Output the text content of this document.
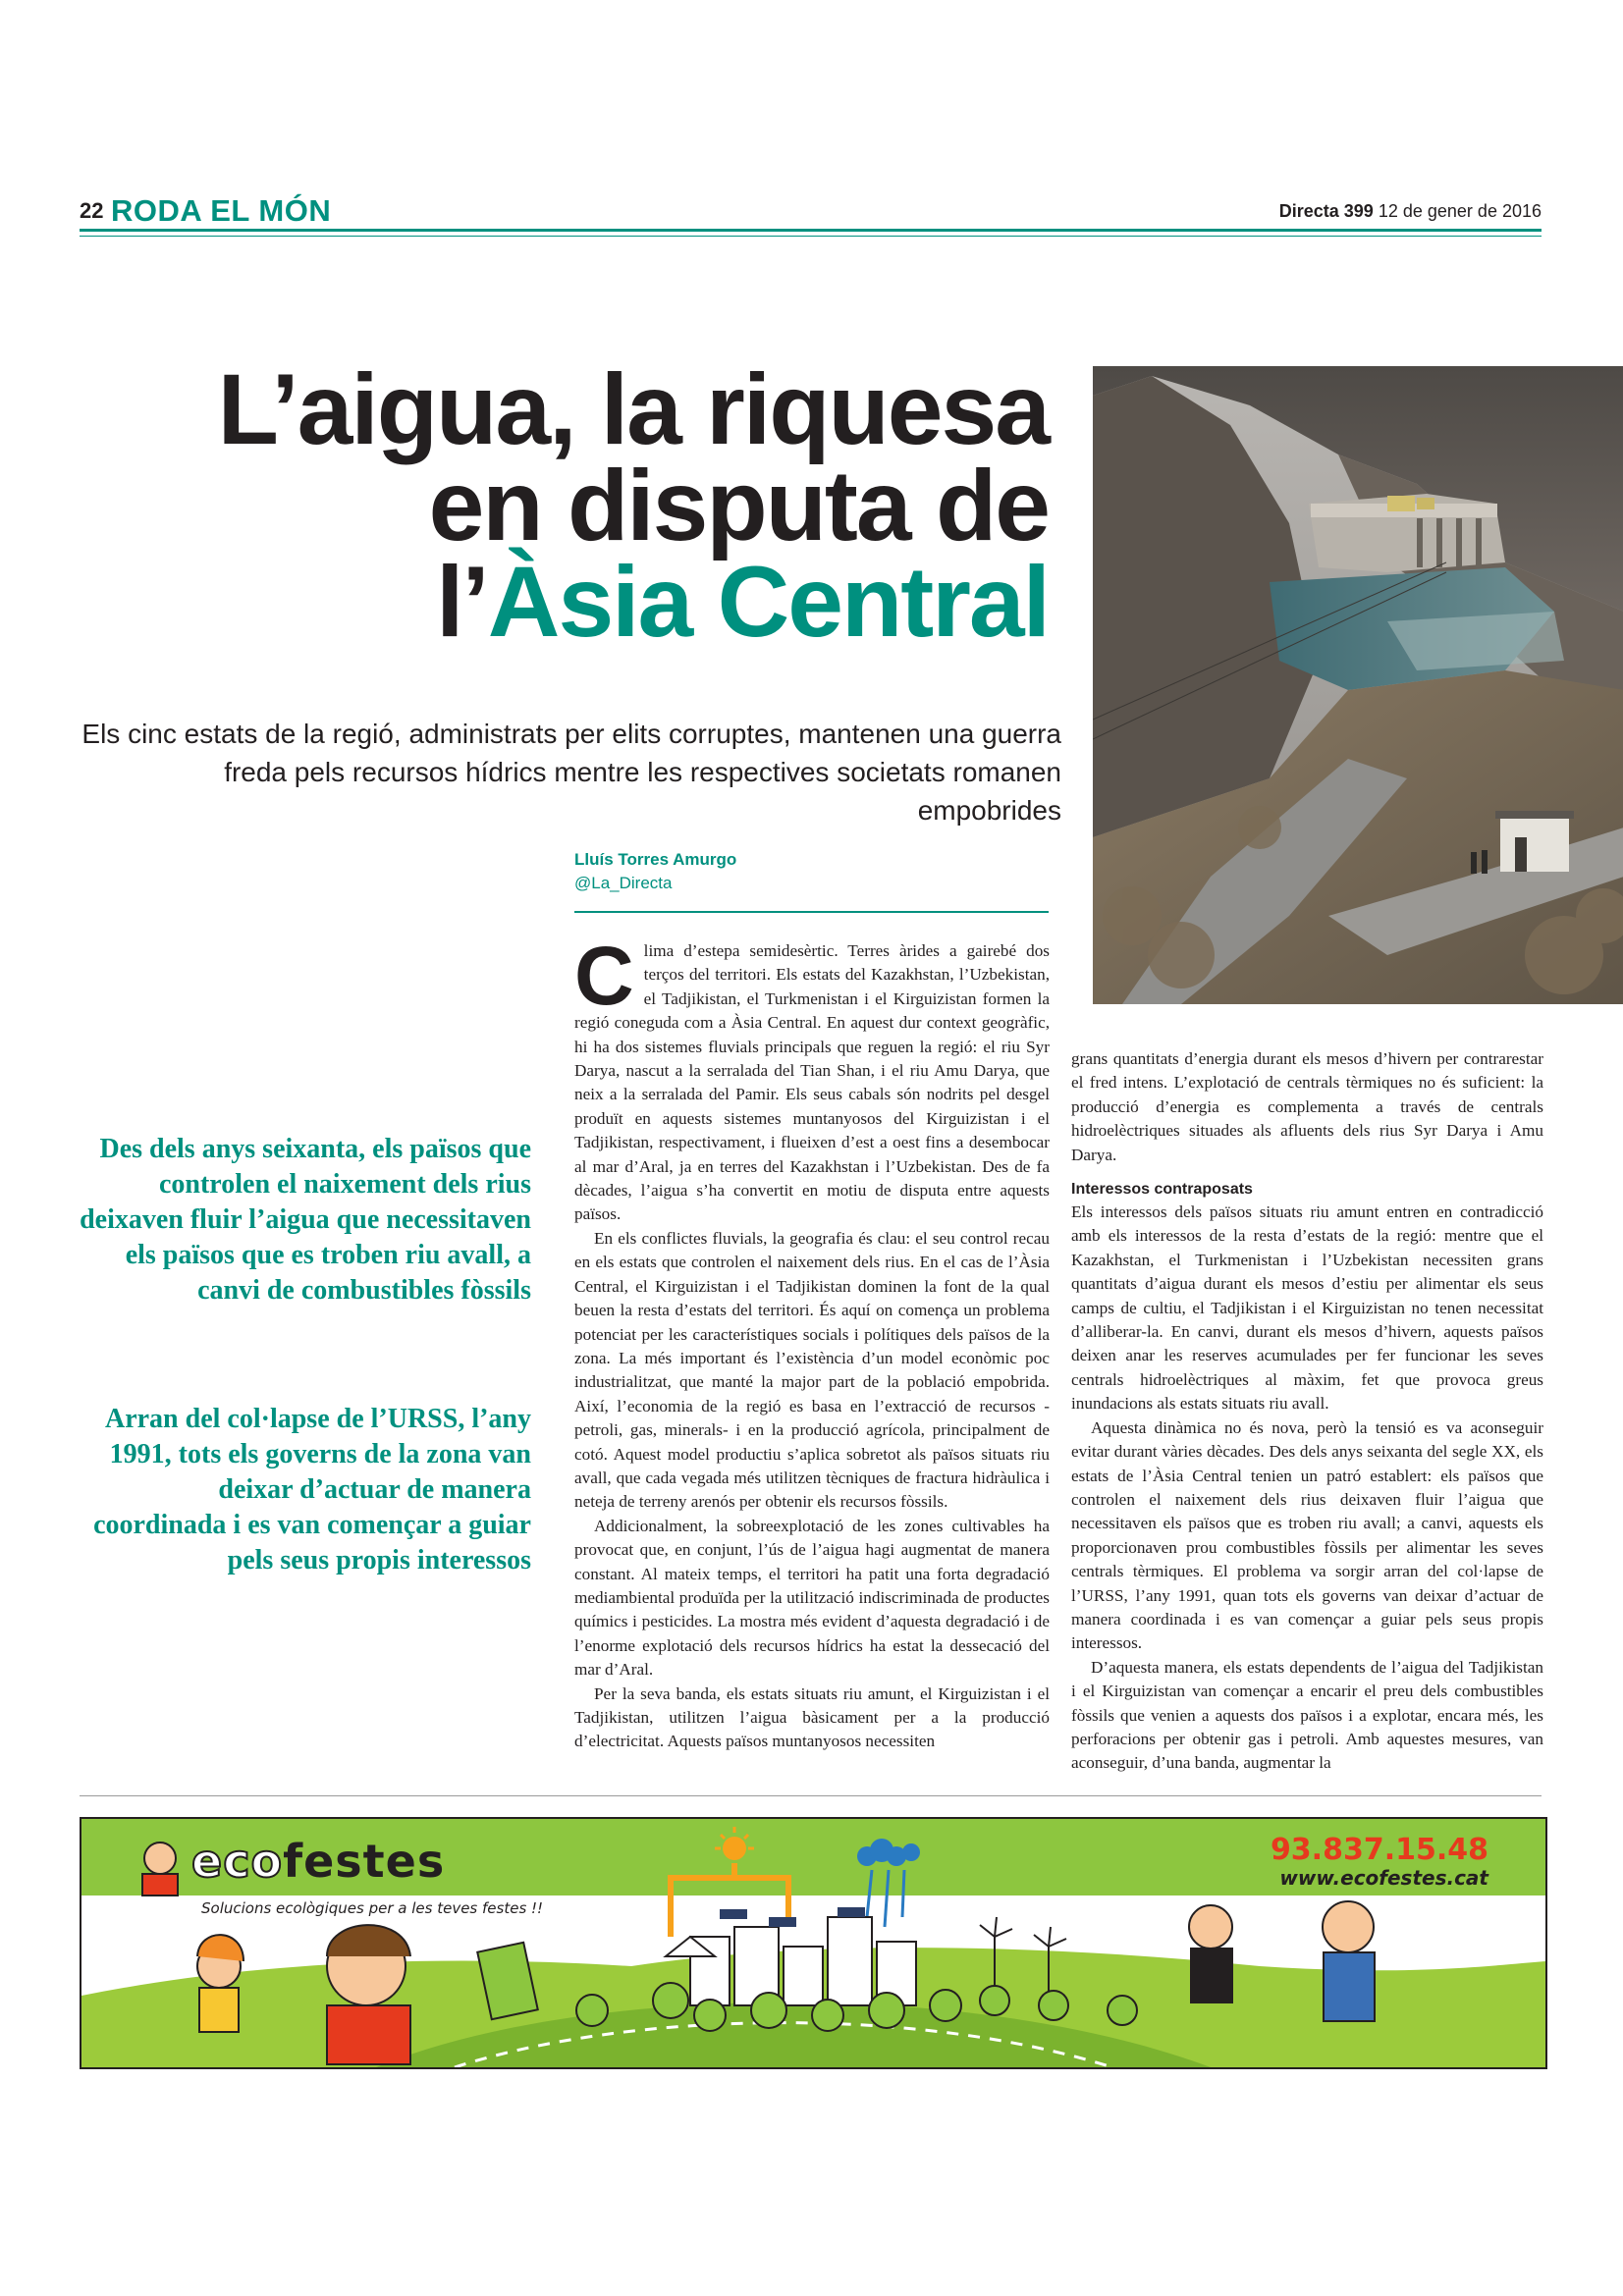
22 RODA EL MÓN	Directa 399 12 de gener de 2016
L’aigua, la riquesa
en disputa de
l’Àsia Central
Els cinc estats de la regió, administrats per elits corruptes, mantenen una guerra freda pels recursos hídrics mentre les respectives societats romanen empobrides
Lluís Torres Amurgo
@La_Directa

Clima d’estepa semidesèrtic. Terres àrides a gairebé dos terços del territori. Els estats del Kazakhstan, l’Uzbekistan, el Tadjikistan, el Turkmenistan i el Kirguizistan formen la regió coneguda com a Àsia Central. En aquest dur context geogràfic, hi ha dos sistemes fluvials principals que reguen la regió: el riu Syr Darya, nascut a la serralada del Tian Shan, i el riu Amu Darya, que neix a la serralada del Pamir. Els seus cabals són nodrits pel desgel produït en aquests sistemes muntanyosos del Kirguizistan i el Tadjikistan, respectivament, i flueixen d’est a oest fins a desembocar al mar d’Aral, ja en terres del Kazakhstan i l’Uzbekistan. Des de fa dècades, l’aigua s’ha convertit en motiu de disputa entre aquests països.

En els conflictes fluvials, la geografia és clau: el seu control recau en els estats que controlen el naixement dels rius. En el cas de l’Àsia Central, el Kirguizistan i el Tadjikistan dominen la font de la qual beuen la resta d’estats del territori. És aquí on comença un problema potenciat per les característiques socials i polítiques dels països de la zona. La més important és l’existència d’un model econòmic poc industrialitzat, que manté la major part de la població empobrida. Així, l’economia de la regió es basa en l’extracció de recursos -petroli, gas, minerals- i en la producció agrícola, principalment de cotó. Aquest model productiu s’aplica sobretot als països situats riu avall, que cada vegada més utilitzen tècniques de fractura hidràulica i neteja de terreny arenós per obtenir els recursos fòssils.

Addicionalment, la sobreexplotació de les zones cultivables ha provocat que, en conjunt, l’ús de l’aigua hagi augmentat de manera constant. Al mateix temps, el territori ha patit una forta degradació mediambiental produïda per la utilització indiscriminada de productes químics i pesticides. La mostra més evident d’aquesta degradació i de l’enorme explotació dels recursos hídrics ha estat la dessecació del mar d’Aral.

Per la seva banda, els estats situats riu amunt, el Kirguizistan i el Tadjikistan, utilitzen l’aigua bàsicament per a la producció d’electricitat. Aquests països muntanyosos necessiten

grans quantitats d’energia durant els mesos d’hivern per contrarestar el fred intens. L’explotació de centrals tèrmiques no és suficient: la producció d’energia es complementa a través de centrals hidroelèctriques situades als afluents dels rius Syr Darya i Amu Darya.

Interessos contraposats

Els interessos dels països situats riu amunt entren en contradicció amb els interessos de la resta d’estats de la regió: mentre que el Kazakhstan, el Turkmenistan i l’Uzbekistan necessiten grans quantitats d’aigua durant els mesos d’estiu per alimentar els seus camps de cultiu, el Tadjikistan i el Kirguizistan no tenen necessitat d’alliberar-la. En canvi, durant els mesos d’hivern, aquests països deixen anar les reserves acumulades per fer funcionar les seves centrals hidroelèctriques al màxim, fet que provoca greus inundacions als estats situats riu avall.

Aquesta dinàmica no és nova, però la tensió es va aconseguir evitar durant vàries dècades. Des dels anys seixanta del segle XX, els estats de l’Àsia Central tenien un patró establert: els països que controlen el naixement dels rius deixaven fluir l’aigua que necessitaven els països que es troben riu avall; a canvi, aquests els proporcionaven prou combustibles fòssils per alimentar les seves centrals tèrmiques. El problema va sorgir arran del col·lapse de l’URSS, l’any 1991, quan tots els governs van deixar d’actuar de manera coordinada i es van començar a guiar pels seus propis interessos.

D’aquesta manera, els estats dependents de l’aigua del Tadjikistan i el Kirguizistan van començar a encarir el preu dels combustibles fòssils que venien a aquests dos països i a explotar, encara més, les perforacions per obtenir gas i petroli. Amb aquestes mesures, van aconseguir, d’una banda, augmentar la

Des dels anys seixanta, els països que controlen el naixement dels rius deixaven fluir l’aigua que necessitaven els països que es troben riu avall, a canvi de combustibles fòssils
Arran del col·lapse de l’URSS, l’any 1991, tots els governs de la zona van deixar d’actuar de manera coordinada i es van començar a guiar pels seus propis interessos
ecofestes
Solucions ecològiques per a les teves festes !!
93.837.15.48
www.ecofestes.cat
